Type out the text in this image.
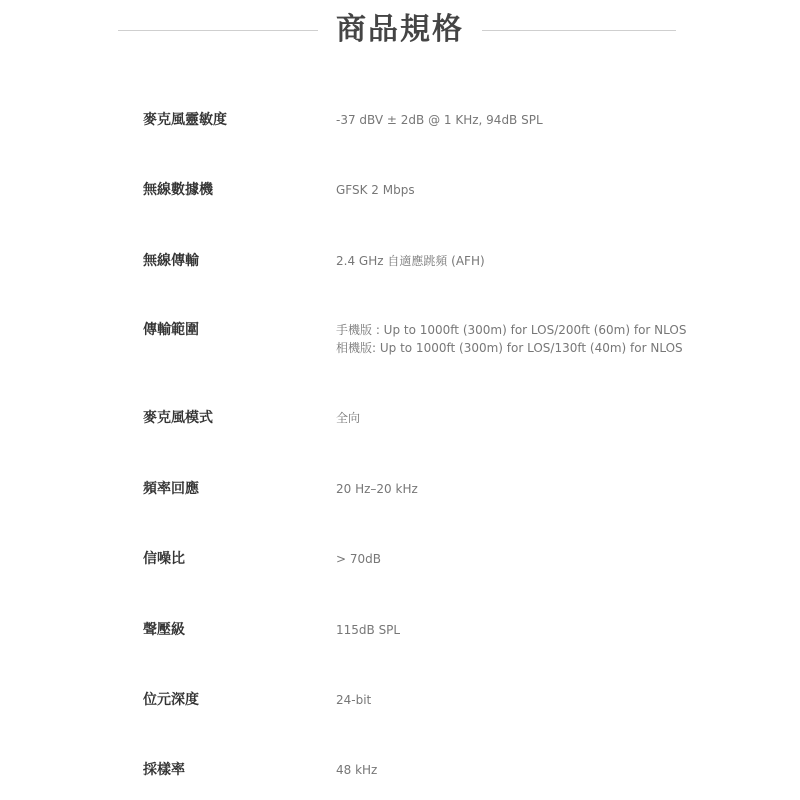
商品規格
麥克風靈敏度	-37 dBV ± 2dB @ 1 KHz, 94dB SPL
無線數據機	GFSK 2 Mbps
無線傳輸	2.4 GHz 自適應跳頻 (AFH)
傳輸範圍	手機版 : Up to 1000ft (300m) for LOS/200ft (60m) for NLOS
相機版: Up to 1000ft (300m) for LOS/130ft (40m) for NLOS
麥克風模式	全向
頻率回應	20 Hz–20 kHz
信噪比	> 70dB
聲壓級	115dB SPL
位元深度	24-bit
採樣率	48 kHz
